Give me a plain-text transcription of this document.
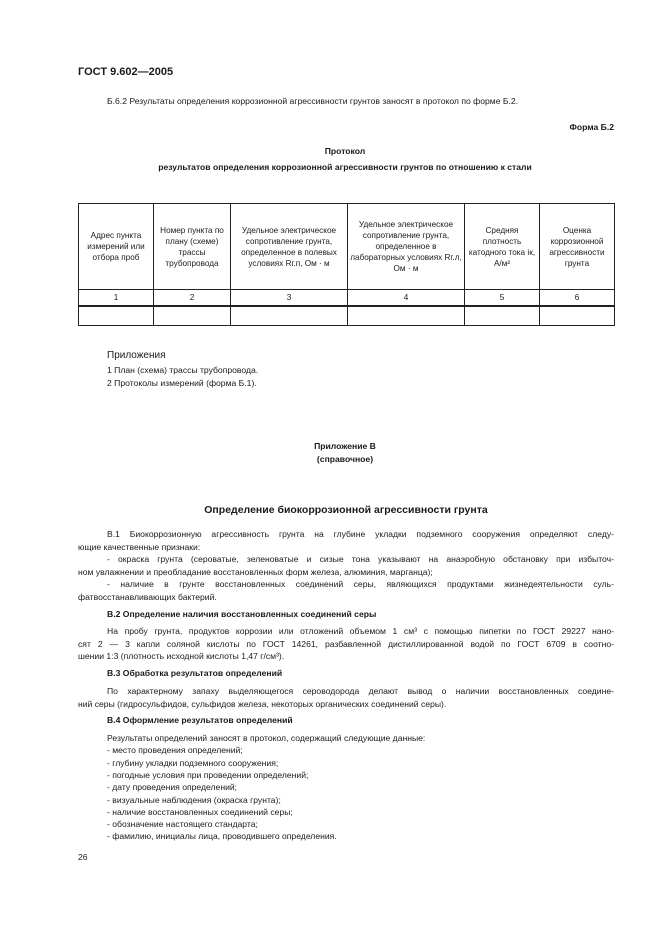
ГОСТ 9.602—2005
Б.6.2 Результаты определения коррозионной агрессивности грунтов заносят в протокол по форме Б.2.
Форма Б.2
Протокол
результатов определения коррозионной агрессивности грунтов по отношению к стали
Адрес пункта измерений или отбора проб	Номер пункта по плану (схеме) трассы трубопровода	Удельное электрическое сопротивление грунта, определенное в полевых условиях Rг.п, Ом · м	Удельное электрическое сопротивление грунта, определенное в лабораторных условиях Rг.л, Ом · м	Средняя плотность катодного тока iк, А/м²	Оценка коррозионной агрессивности грунта
1	2	3	4	5	6

Приложения
1 План (схема) трассы трубопровода.
2 Протоколы измерений (форма Б.1).
Приложение В
(справочное)
Определение биокоррозионной агрессивности грунта
В.1 Биокоррозионную агрессивность грунта на глубине укладки подземного сооружения определяют следу-
ющие качественные признаки:
- окраска грунта (сероватые, зеленоватые и сизые тона указывают на анаэробную обстановку при избыточ-
ном увлажнении и преобладание восстановленных форм железа, алюминия, марганца);
- наличие в грунте восстановленных соединений серы, являющихся продуктами жизнедеятельности суль-
фатвосстанавливающих бактерий.
В.2 Определение наличия восстановленных соединений серы
На пробу грунта, продуктов коррозии или отложений объемом 1 см³ с помощью пипетки по ГОСТ 29227 нано-
сят 2 — 3 капли соляной кислоты по ГОСТ 14261, разбавленной дистиллированной водой по ГОСТ 6709 в соотно-
шении 1:3 (плотность исходной кислоты 1,47 г/см³).
В.3 Обработка результатов определений
По характерному запаху выделяющегося сероводорода делают вывод о наличии восстановленных соедине-
ний серы (гидросульфидов, сульфидов железа, некоторых органических соединений серы).
В.4 Оформление результатов определений
Результаты определений заносят в протокол, содержащий следующие данные:
- место проведения определений;
- глубину укладки подземного сооружения;
- погодные условия при проведении определений;
- дату проведения определений;
- визуальные наблюдения (окраска грунта);
- наличие восстановленных соединений серы;
- обозначение настоящего стандарта;
- фамилию, инициалы лица, проводившего определения.
26
